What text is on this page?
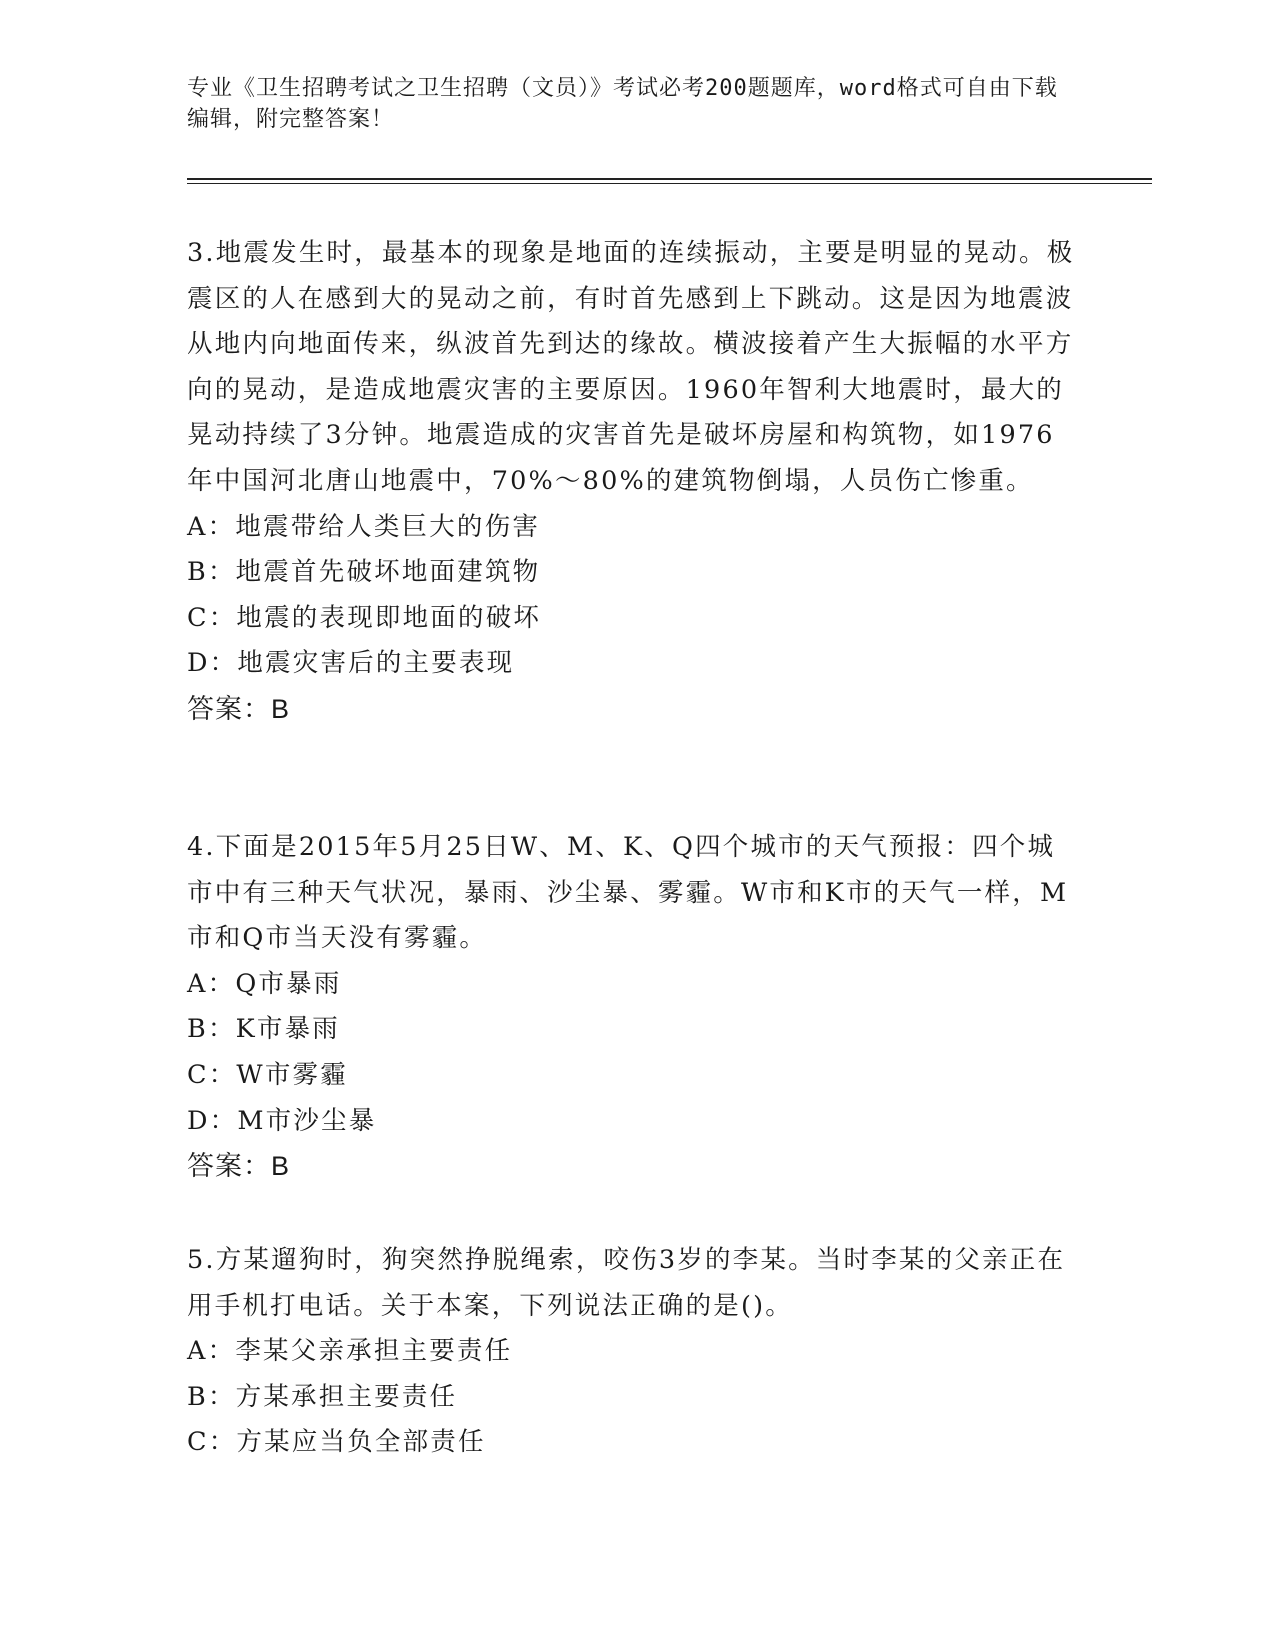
专业《卫生招聘考试之卫生招聘（文员）》考试必考200题题库，word格式可自由下载编辑，附完整答案！
3.地震发生时，最基本的现象是地面的连续振动，主要是明显的晃动。极震区的人在感到大的晃动之前，有时首先感到上下跳动。这是因为地震波从地内向地面传来，纵波首先到达的缘故。横波接着产生大振幅的水平方向的晃动，是造成地震灾害的主要原因。1960年智利大地震时，最大的晃动持续了3分钟。地震造成的灾害首先是破坏房屋和构筑物，如1976年中国河北唐山地震中，70%～80%的建筑物倒塌，人员伤亡惨重。
A：地震带给人类巨大的伤害
B：地震首先破坏地面建筑物
C：地震的表现即地面的破坏
D：地震灾害后的主要表现
答案：B
4.下面是2015年5月25日W、M、K、Q四个城市的天气预报：四个城市中有三种天气状况，暴雨、沙尘暴、雾霾。W市和K市的天气一样，M市和Q市当天没有雾霾。
A：Q市暴雨
B：K市暴雨
C：W市雾霾
D：M市沙尘暴
答案：B
5.方某遛狗时，狗突然挣脱绳索，咬伤3岁的李某。当时李某的父亲正在用手机打电话。关于本案，下列说法正确的是()。
A：李某父亲承担主要责任
B：方某承担主要责任
C：方某应当负全部责任
